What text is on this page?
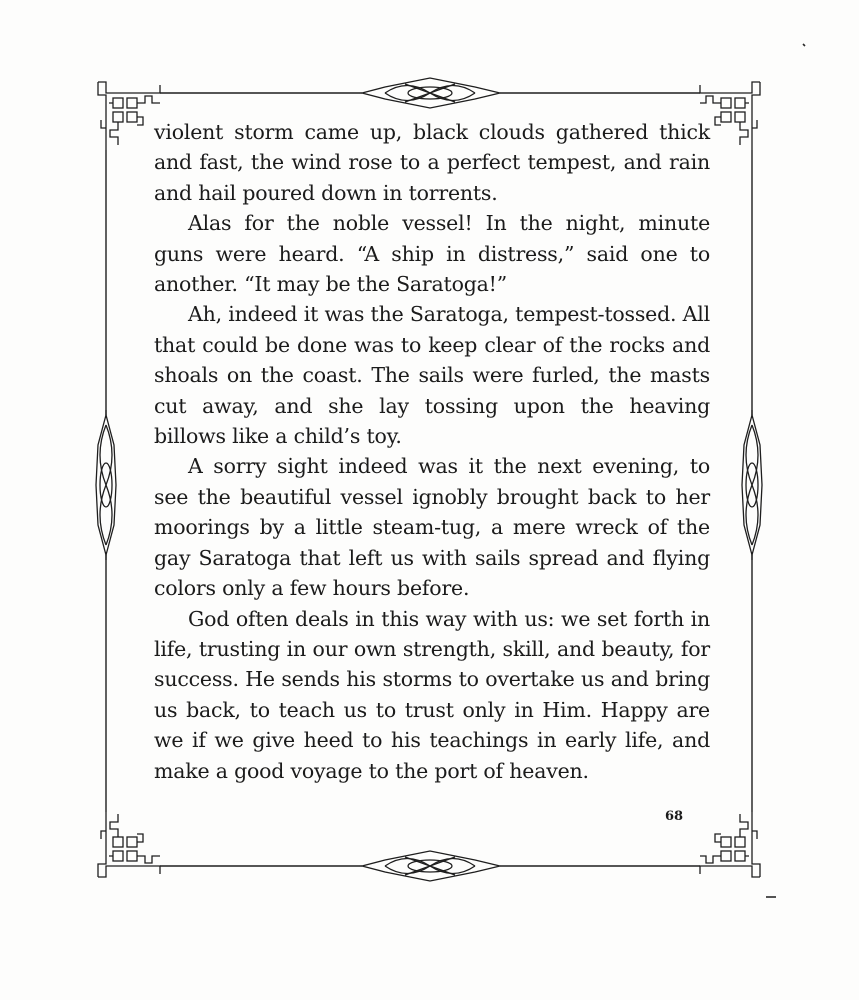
violent storm came up, black clouds gathered thick and fast, the wind rose to a perfect tempest, and rain and hail poured down in torrents.

Alas for the noble vessel! In the night, minute guns were heard. “A ship in distress,” said one to another. “It may be the Saratoga!”

Ah, indeed it was the Saratoga, tempest-tossed. All that could be done was to keep clear of the rocks and shoals on the coast. The sails were furled, the masts cut away, and she lay tossing upon the heaving billows like a child’s toy.

A sorry sight indeed was it the next evening, to see the beautiful vessel ignobly brought back to her moorings by a little steam-tug, a mere wreck of the gay Saratoga that left us with sails spread and flying colors only a few hours before.

God often deals in this way with us: we set forth in life, trusting in our own strength, skill, and beauty, for success. He sends his storms to overtake us and bring us back, to teach us to trust only in Him. Happy are we if we give heed to his teachings in early life, and make a good voyage to the port of heaven.

68
